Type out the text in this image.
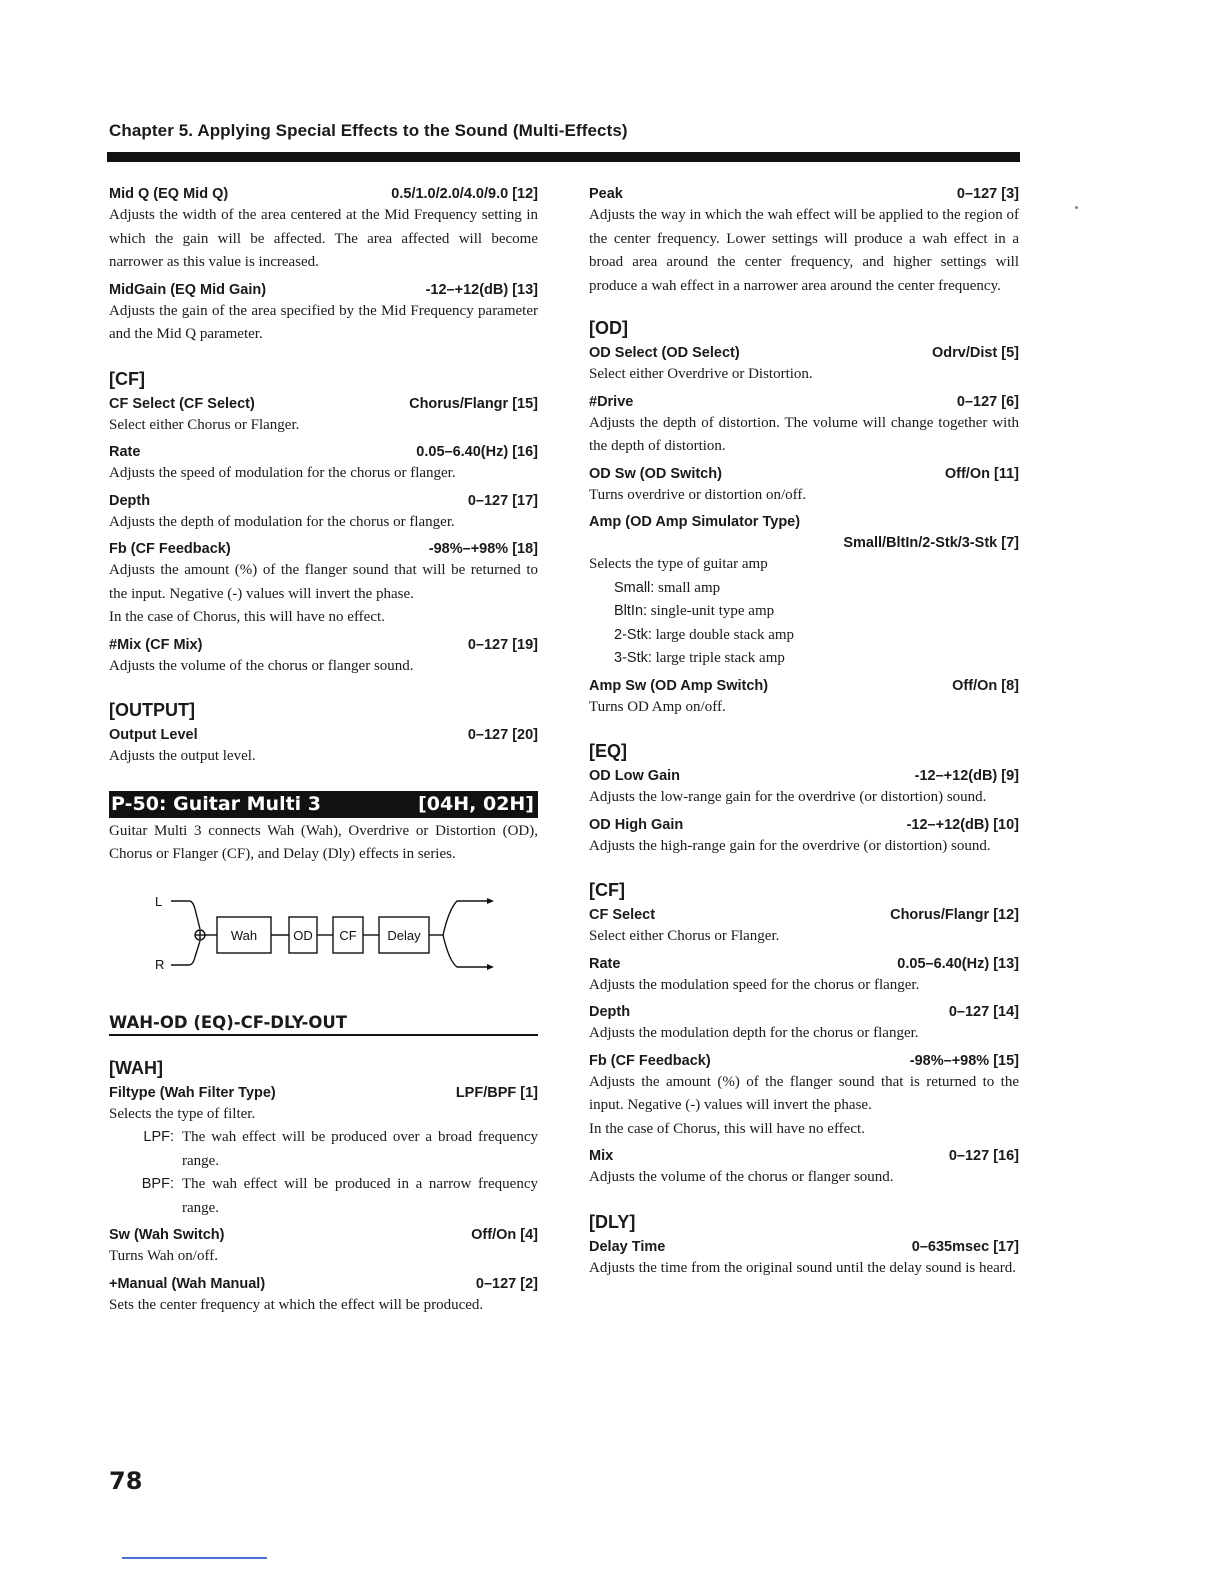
Chapter 5. Applying Special Effects to the Sound (Multi-Effects)
Mid Q (EQ Mid Q)	0.5/1.0/2.0/4.0/9.0 [12]
Adjusts the width of the area centered at the Mid Frequency setting in which the gain will be affected. The area affected will become narrower as this value is increased.
MidGain (EQ Mid Gain)	-12–+12(dB) [13]
Adjusts the gain of the area specified by the Mid Frequency parameter and the Mid Q parameter.
[CF]
CF Select (CF Select)	Chorus/Flangr [15]
Select either Chorus or Flanger.
Rate	0.05–6.40(Hz) [16]
Adjusts the speed of modulation for the chorus or flanger.
Depth	0–127 [17]
Adjusts the depth of modulation for the chorus or flanger.
Fb (CF Feedback)	-98%–+98% [18]

Adjusts the amount (%) of the flanger sound that will be returned to the input. Negative (-) values will invert the phase.

In the case of Chorus, this will have no effect.

#Mix (CF Mix)	0–127 [19]
Adjusts the volume of the chorus or flanger sound.
[OUTPUT]
Output Level	0–127 [20]
Adjusts the output level.
P-50: Guitar Multi 3	[04H, 02H]
Guitar Multi 3 connects Wah (Wah), Overdrive or Distortion (OD), Chorus or Flanger (CF), and Delay (Dly) effects in series.
L
R
Wah	OD CF Delay
WAH-OD (EQ)-CF-DLY-OUT
[WAH]
Filtype (Wah Filter Type)	LPF/BPF [1]
Selects the type of filter.
LPF: The wah effect will be produced over a broad frequency range.
BPF: The wah effect will be produced in a narrow frequency range.
Sw (Wah Switch)	Off/On [4]
Turns Wah on/off.
+Manual (Wah Manual)	0–127 [2]
Sets the center frequency at which the effect will be produced.
Peak	0–127 [3]
Adjusts the way in which the wah effect will be applied to the region of the center frequency. Lower settings will produce a wah effect in a broad area around the center frequency, and higher settings will produce a wah effect in a narrower area around the center frequency.
[OD]
OD Select (OD Select)	Odrv/Dist [5]
Select either Overdrive or Distortion.
#Drive	0–127 [6]
Adjusts the depth of distortion. The volume will change together with the depth of distortion.
OD Sw (OD Switch)	Off/On [11]
Turns overdrive or distortion on/off.
Amp (OD Amp Simulator Type)
Small/BltIn/2-Stk/3-Stk [7]
Selects the type of guitar amp
Small: small amp
BltIn: single-unit type amp
2-Stk: large double stack amp
3-Stk: large triple stack amp
Amp Sw (OD Amp Switch)	Off/On [8]
Turns OD Amp on/off.
[EQ]
OD Low Gain	-12–+12(dB) [9]
Adjusts the low-range gain for the overdrive (or distortion) sound.
OD High Gain	-12–+12(dB) [10]
Adjusts the high-range gain for the overdrive (or distortion) sound.
[CF]
CF Select	Chorus/Flangr [12]
Select either Chorus or Flanger.
Rate	0.05–6.40(Hz) [13]
Adjusts the modulation speed for the chorus or flanger.
Depth	0–127 [14]
Adjusts the modulation depth for the chorus or flanger.
Fb (CF Feedback)	-98%–+98% [15]

Adjusts the amount (%) of the flanger sound that is returned to the input. Negative (-) values will invert the phase.

In the case of Chorus, this will have no effect.

Mix	0–127 [16]
Adjusts the volume of the chorus or flanger sound.
[DLY]
Delay Time	0–635msec [17]
Adjusts the time from the original sound until the delay sound is heard.
78
